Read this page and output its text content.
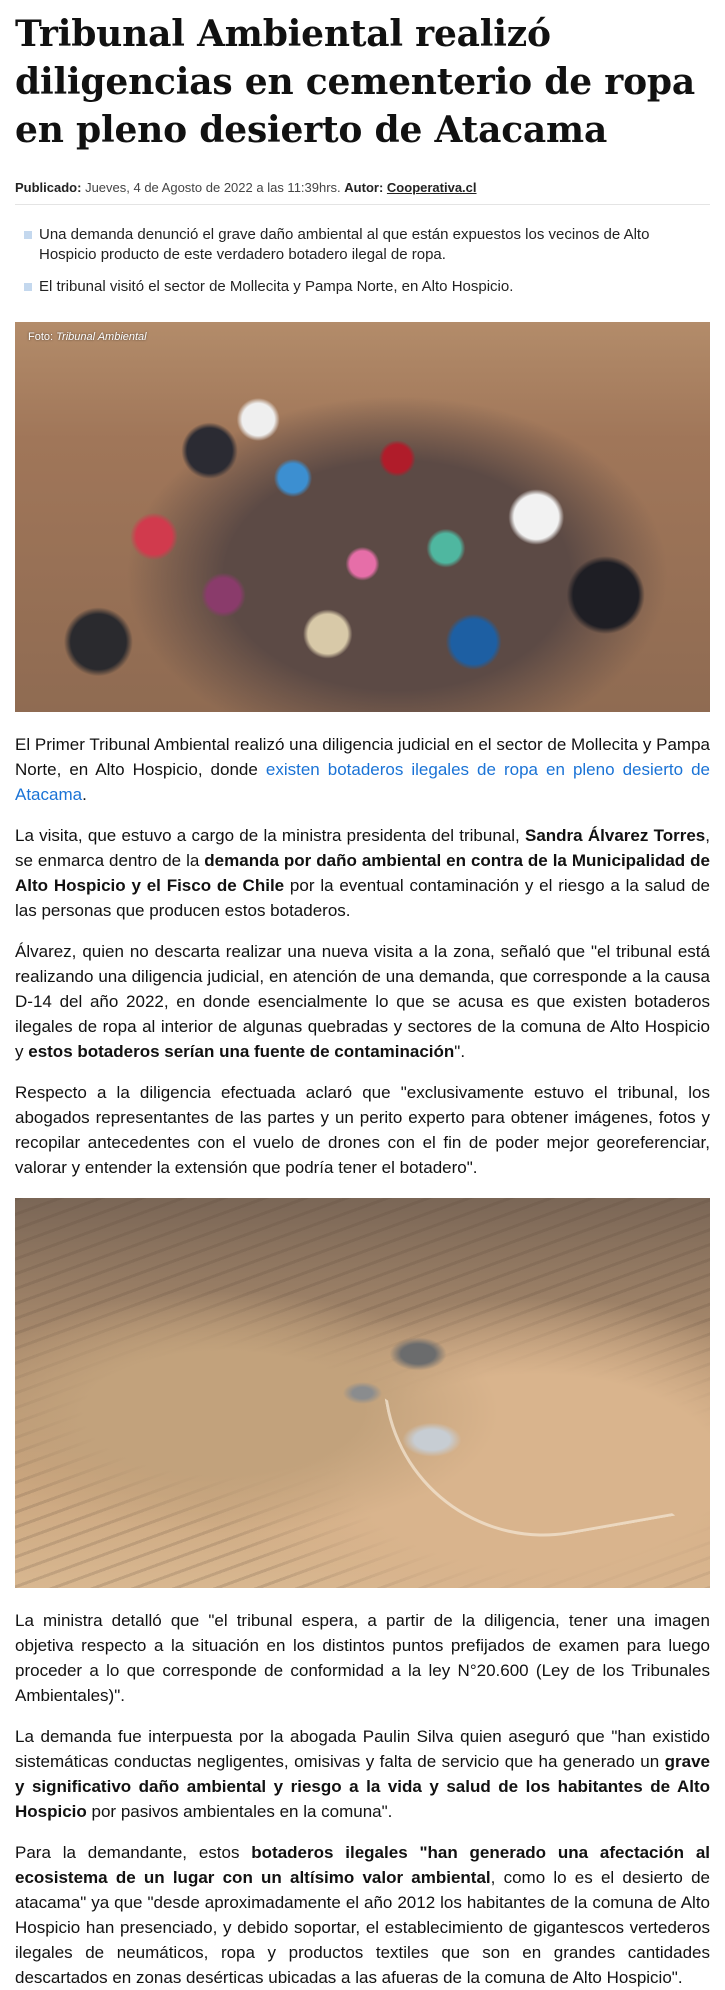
Tribunal Ambiental realizó diligencias en cementerio de ropa en pleno desierto de Atacama
Publicado: Jueves, 4 de Agosto de 2022 a las 11:39hrs. Autor: Cooperativa.cl
Una demanda denunció el grave daño ambiental al que están expuestos los vecinos de Alto Hospicio producto de este verdadero botadero ilegal de ropa.
El tribunal visitó el sector de Mollecita y Pampa Norte, en Alto Hospicio.
Foto: Tribunal Ambiental

El Primer Tribunal Ambiental realizó una diligencia judicial en el sector de Mollecita y Pampa Norte, en Alto Hospicio, donde existen botaderos ilegales de ropa en pleno desierto de Atacama.

La visita, que estuvo a cargo de la ministra presidenta del tribunal, Sandra Álvarez Torres, se enmarca dentro de la demanda por daño ambiental en contra de la Municipalidad de Alto Hospicio y el Fisco de Chile por la eventual contaminación y el riesgo a la salud de las personas que producen estos botaderos.

Álvarez, quien no descarta realizar una nueva visita a la zona, señaló que "el tribunal está realizando una diligencia judicial, en atención de una demanda, que corresponde a la causa D-14 del año 2022, en donde esencialmente lo que se acusa es que existen botaderos ilegales de ropa al interior de algunas quebradas y sectores de la comuna de Alto Hospicio y estos botaderos serían una fuente de contaminación".

Respecto a la diligencia efectuada aclaró que "exclusivamente estuvo el tribunal, los abogados representantes de las partes y un perito experto para obtener imágenes, fotos y recopilar antecedentes con el vuelo de drones con el fin de poder mejor georeferenciar, valorar y entender la extensión que podría tener el botadero".

La ministra detalló que "el tribunal espera, a partir de la diligencia, tener una imagen objetiva respecto a la situación en los distintos puntos prefijados de examen para luego proceder a lo que corresponde de conformidad a la ley N°20.600 (Ley de los Tribunales Ambientales)".

La demanda fue interpuesta por la abogada Paulin Silva quien aseguró que "han existido sistemáticas conductas negligentes, omisivas y falta de servicio que ha generado un grave y significativo daño ambiental y riesgo a la vida y salud de los habitantes de Alto Hospicio por pasivos ambientales en la comuna".

Para la demandante, estos botaderos ilegales "han generado una afectación al ecosistema de un lugar con un altísimo valor ambiental, como lo es el desierto de atacama" ya que "desde aproximadamente el año 2012 los habitantes de la comuna de Alto Hospicio han presenciado, y debido soportar, el establecimiento de gigantescos vertederos ilegales de neumáticos, ropa y productos textiles que son en grandes cantidades descartados en zonas desérticas ubicadas a las afueras de la comuna de Alto Hospicio".
